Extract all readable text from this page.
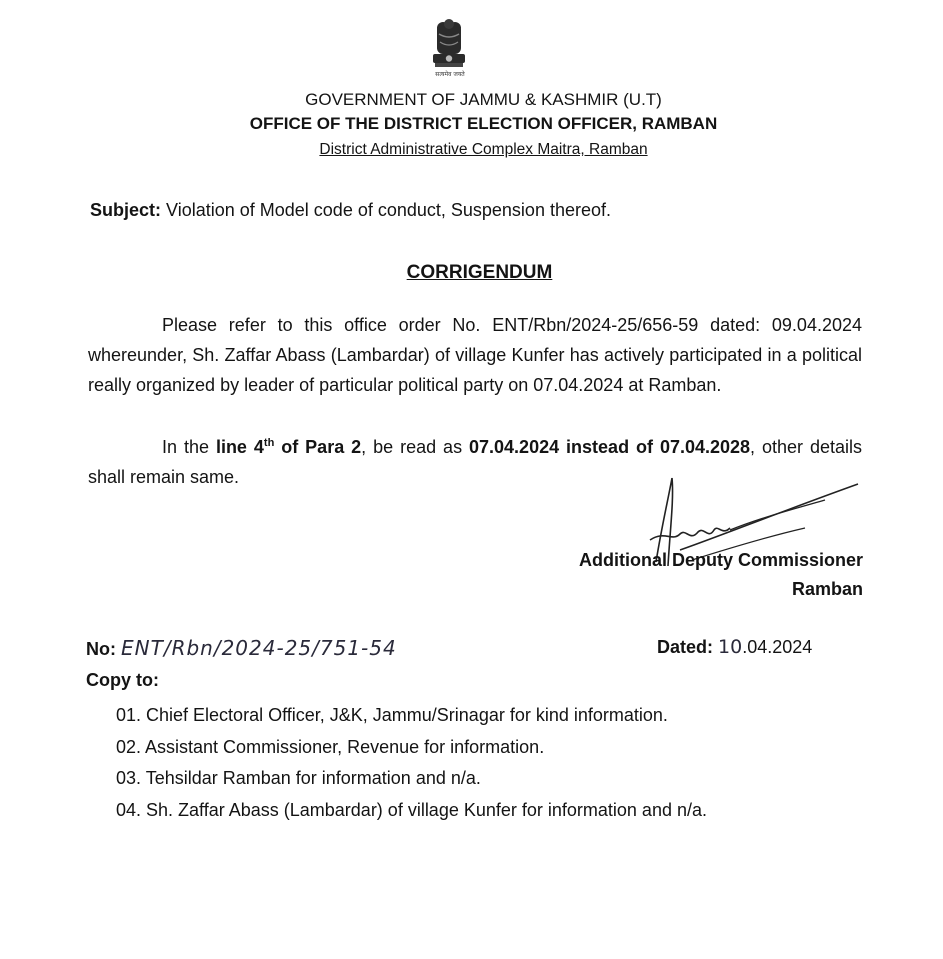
सत्यमेव जयते
GOVERNMENT OF JAMMU & KASHMIR (U.T)
OFFICE OF THE DISTRICT ELECTION OFFICER, RAMBAN
District Administrative Complex Maitra, Ramban
Subject: Violation of Model code of conduct, Suspension thereof.
CORRIGENDUM
Please refer to this office order No. ENT/Rbn/2024-25/656-59 dated: 09.04.2024 whereunder, Sh. Zaffar Abass (Lambardar) of village Kunfer has actively participated in a political really organized by leader of particular political party on 07.04.2024 at Ramban.
In the line 4th of Para 2, be read as 07.04.2024 instead of 07.04.2028, other details shall remain same.
Additional Deputy Commissioner
Ramban
No: ENT/Rbn/2024-25/751-54	Dated: 10.04.2024
Copy to:
01. Chief Electoral Officer, J&K, Jammu/Srinagar for kind information.
02. Assistant Commissioner, Revenue for information.
03. Tehsildar Ramban for information and n/a.
04. Sh. Zaffar Abass (Lambardar) of village Kunfer for information and n/a.
